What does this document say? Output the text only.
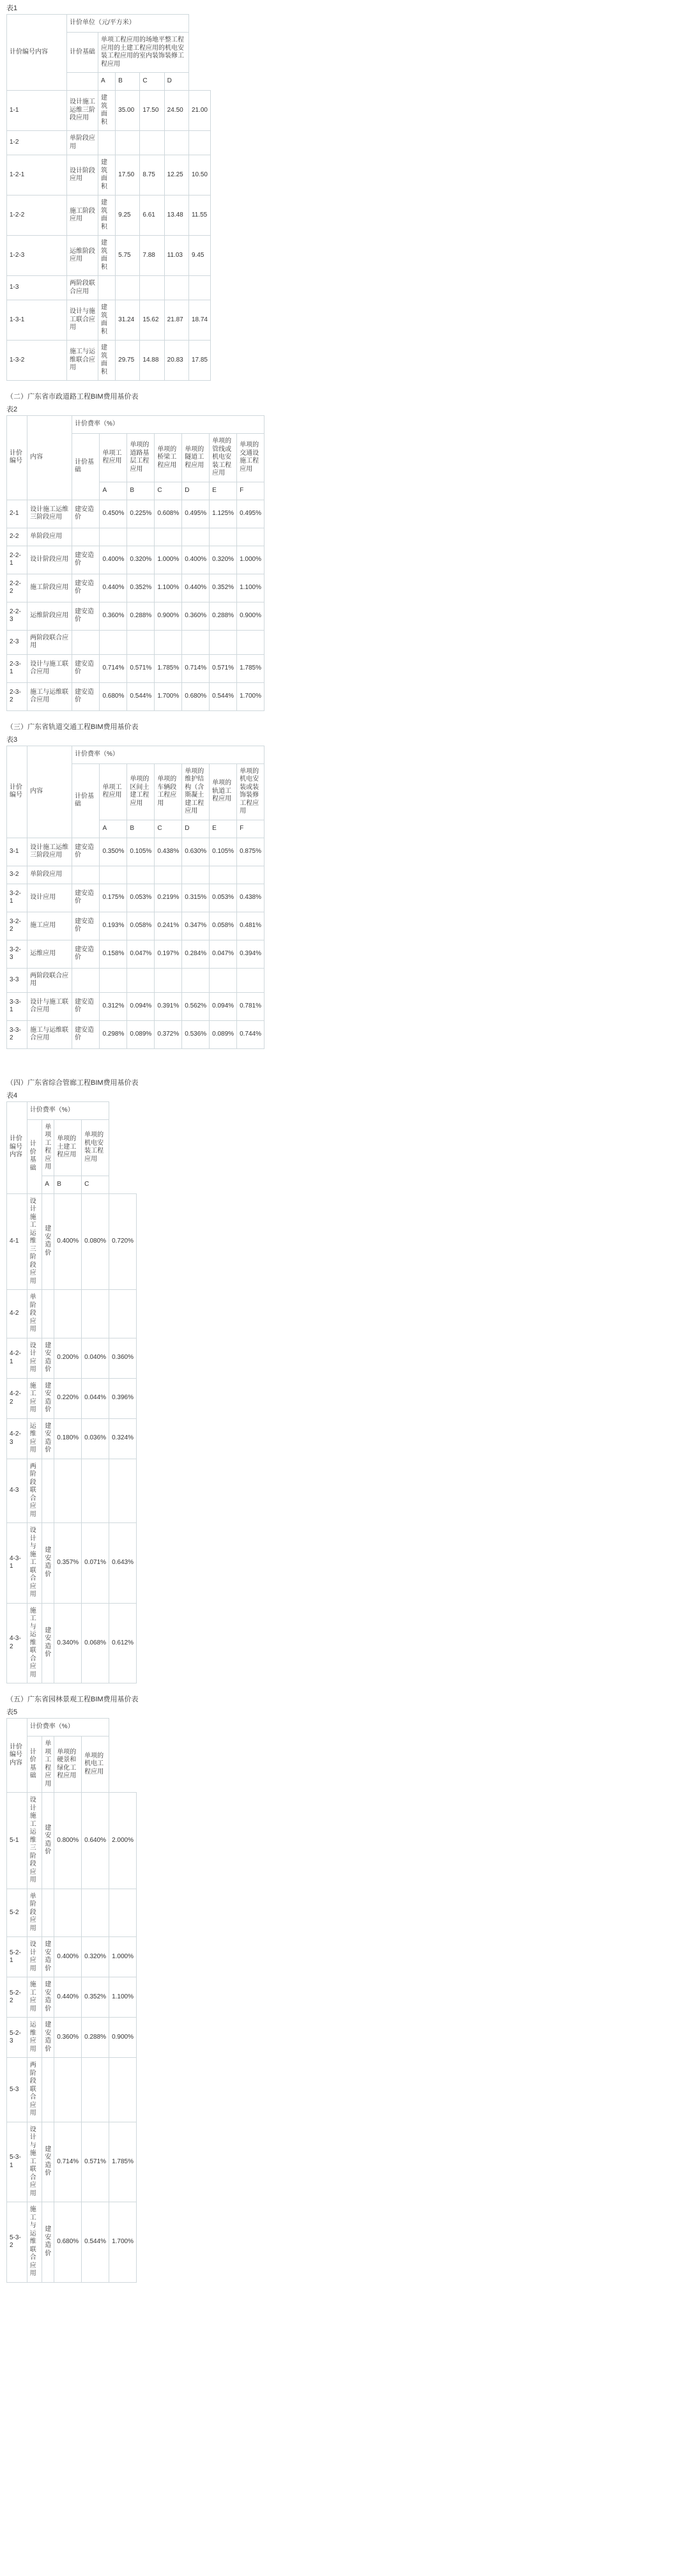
表1
计价编号内容	计价单位（元/平方米）					
	计价基础	单项工程应用的场地平整工程应用的土建工程应用的机电安装工程应用的室内装饰装修工程应用				
		A	B	C	D	
1-1	设计施工运维三阶段应用	建筑面积	35.00	17.50	24.50	21.00
1-2	单阶段应用					
1-2-1	设计阶段应用	建筑面积	17.50	8.75	12.25	10.50
1-2-2	施工阶段应用	建筑面积	9.25	6.61	13.48	11.55
1-2-3	运维阶段应用	建筑面积	5.75	7.88	11.03	9.45
1-3	两阶段联合应用					
1-3-1	设计与施工联合应用	建筑面积	31.24	15.62	21.87	18.74
1-3-2	施工与运维联合应用	建筑面积	29.75	14.88	20.83	17.85
（二）广东省市政道路工程BIM费用基价表
表2
计价编号	内容	计价费率（%）						
		计价基础	单项工程应用	单项的道路基层工程应用	单项的桥梁工程应用	单项的隧道工程应用	单项的管线或机电安装工程应用	单项的交通设施工程应用
			A	B	C	D	E	F
2-1	设计施工运维三阶段应用	建安造价	0.450%	0.225%	0.608%	0.495%	1.125%	0.495%
2-2	单阶段应用							
2-2-1	设计阶段应用	建安造价	0.400%	0.320%	1.000%	0.400%	0.320%	1.000%
2-2-2	施工阶段应用	建安造价	0.440%	0.352%	1.100%	0.440%	0.352%	1.100%
2-2-3	运维阶段应用	建安造价	0.360%	0.288%	0.900%	0.360%	0.288%	0.900%
2-3	两阶段联合应用							
2-3-1	设计与施工联合应用	建安造价	0.714%	0.571%	1.785%	0.714%	0.571%	1.785%
2-3-2	施工与运维联合应用	建安造价	0.680%	0.544%	1.700%	0.680%	0.544%	1.700%
（三）广东省轨道交通工程BIM费用基价表
表3
计价编号	内容	计价费率（%）						
		计价基础	单项工程应用	单项的区间土建工程应用	单项的车辆段工程应用	单项的维护结构（含斯凝土建工程应用	单项的轨道工程应用	单项的机电安装或装饰装修工程应用
			A	B	C	D	E	F
3-1	设计施工运维三阶段应用	建安造价	0.350%	0.105%	0.438%	0.630%	0.105%	0.875%
3-2	单阶段应用							
3-2-1	设计应用	建安造价	0.175%	0.053%	0.219%	0.315%	0.053%	0.438%
3-2-2	施工应用	建安造价	0.193%	0.058%	0.241%	0.347%	0.058%	0.481%
3-2-3	运维应用	建安造价	0.158%	0.047%	0.197%	0.284%	0.047%	0.394%
3-3	两阶段联合应用							
3-3-1	设计与施工联合应用	建安造价	0.312%	0.094%	0.391%	0.562%	0.094%	0.781%
3-3-2	施工与运维联合应用	建安造价	0.298%	0.089%	0.372%	0.536%	0.089%	0.744%
（四）广东省综合管廊工程BIM费用基价表
表4
计价编号内容	计价费率（%）				
	计价基础	单项工程应用	单项的土建工程应用	单项的机电安装工程应用	
		A	B	C	
4-1	设计施工运维三阶段应用	建安造价	0.400%	0.080%	0.720%
4-2	单阶段应用				
4-2-1	设计应用	建安造价	0.200%	0.040%	0.360%
4-2-2	施工应用	建安造价	0.220%	0.044%	0.396%
4-2-3	运维应用	建安造价	0.180%	0.036%	0.324%
4-3	两阶段联合应用				
4-3-1	设计与施工联合应用	建安造价	0.357%	0.071%	0.643%
4-3-2	施工与运维联合应用	建安造价	0.340%	0.068%	0.612%
（五）广东省园林景观工程BIM费用基价表
表5
计价编号内容	计价费率（%）				
	计价基础	单项工程应用	单项的硬景和绿化工程应用	单项的机电工程应用	
5-1	设计施工运维三阶段应用	建安造价	0.800%	0.640%	2.000%
5-2	单阶段应用				
5-2-1	设计应用	建安造价	0.400%	0.320%	1.000%
5-2-2	施工应用	建安造价	0.440%	0.352%	1.100%
5-2-3	运维应用	建安造价	0.360%	0.288%	0.900%
5-3	两阶段联合应用				
5-3-1	设计与施工联合应用	建安造价	0.714%	0.571%	1.785%
5-3-2	施工与运维联合应用	建安造价	0.680%	0.544%	1.700%
